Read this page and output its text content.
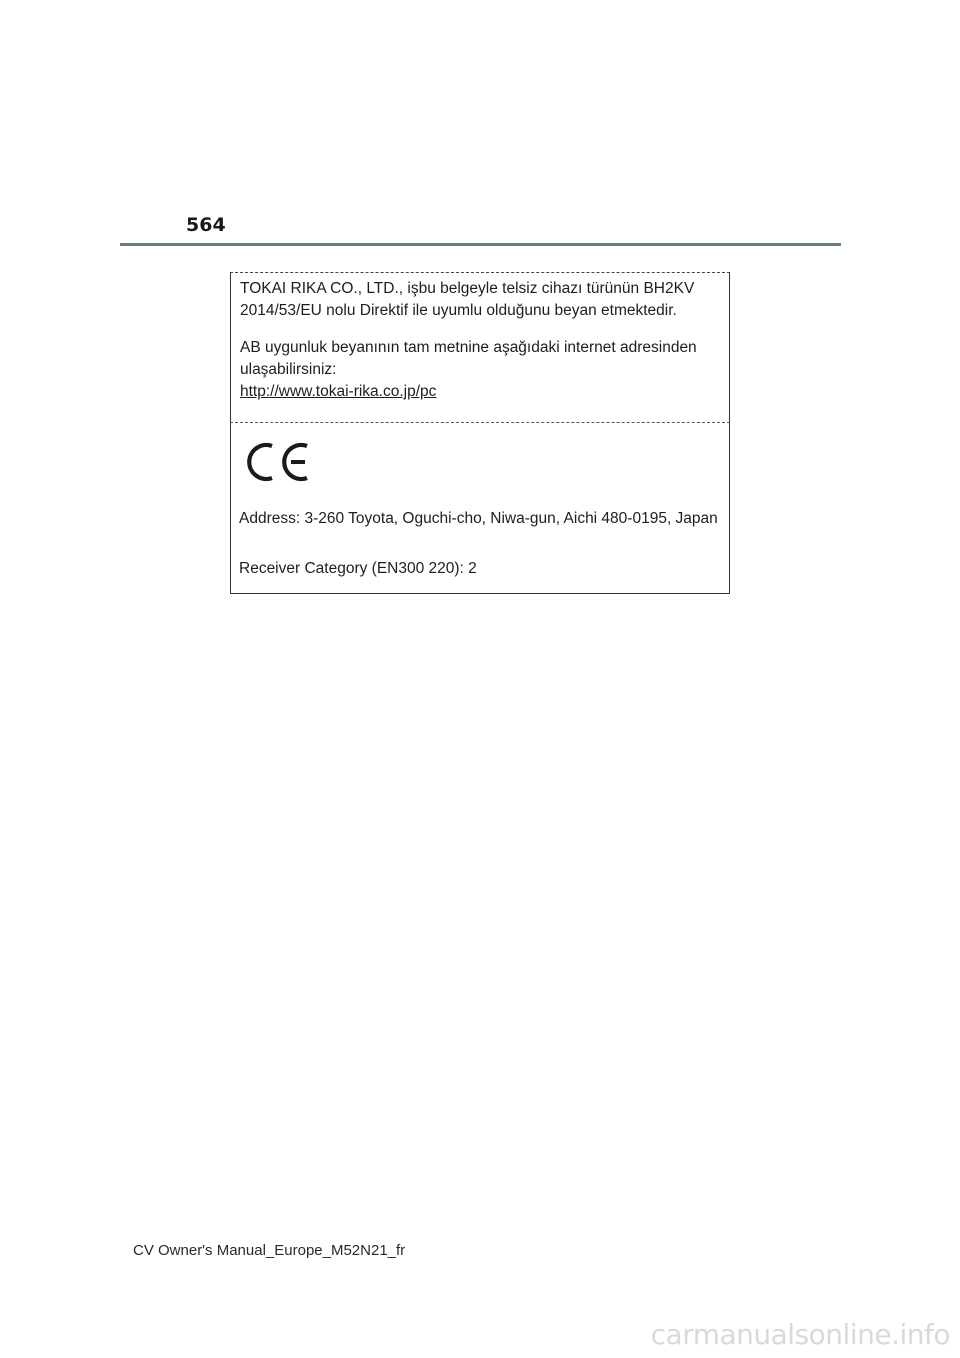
564

TOKAI RIKA CO., LTD., işbu belgeyle telsiz cihazı türünün BH2KV

2014/53/EU nolu Direktif ile uyumlu olduğunu beyan etmektedir.

AB uygunluk beyanının tam metnine aşağıdaki internet adresinden

ulaşabilirsiniz:

http://www.tokai-rika.co.jp/pc

Address: 3-260 Toyota, Oguchi-cho, Niwa-gun, Aichi 480-0195, Japan
Receiver Category (EN300 220): 2
CV Owner's Manual_Europe_M52N21_fr
carmanualsonline.info
